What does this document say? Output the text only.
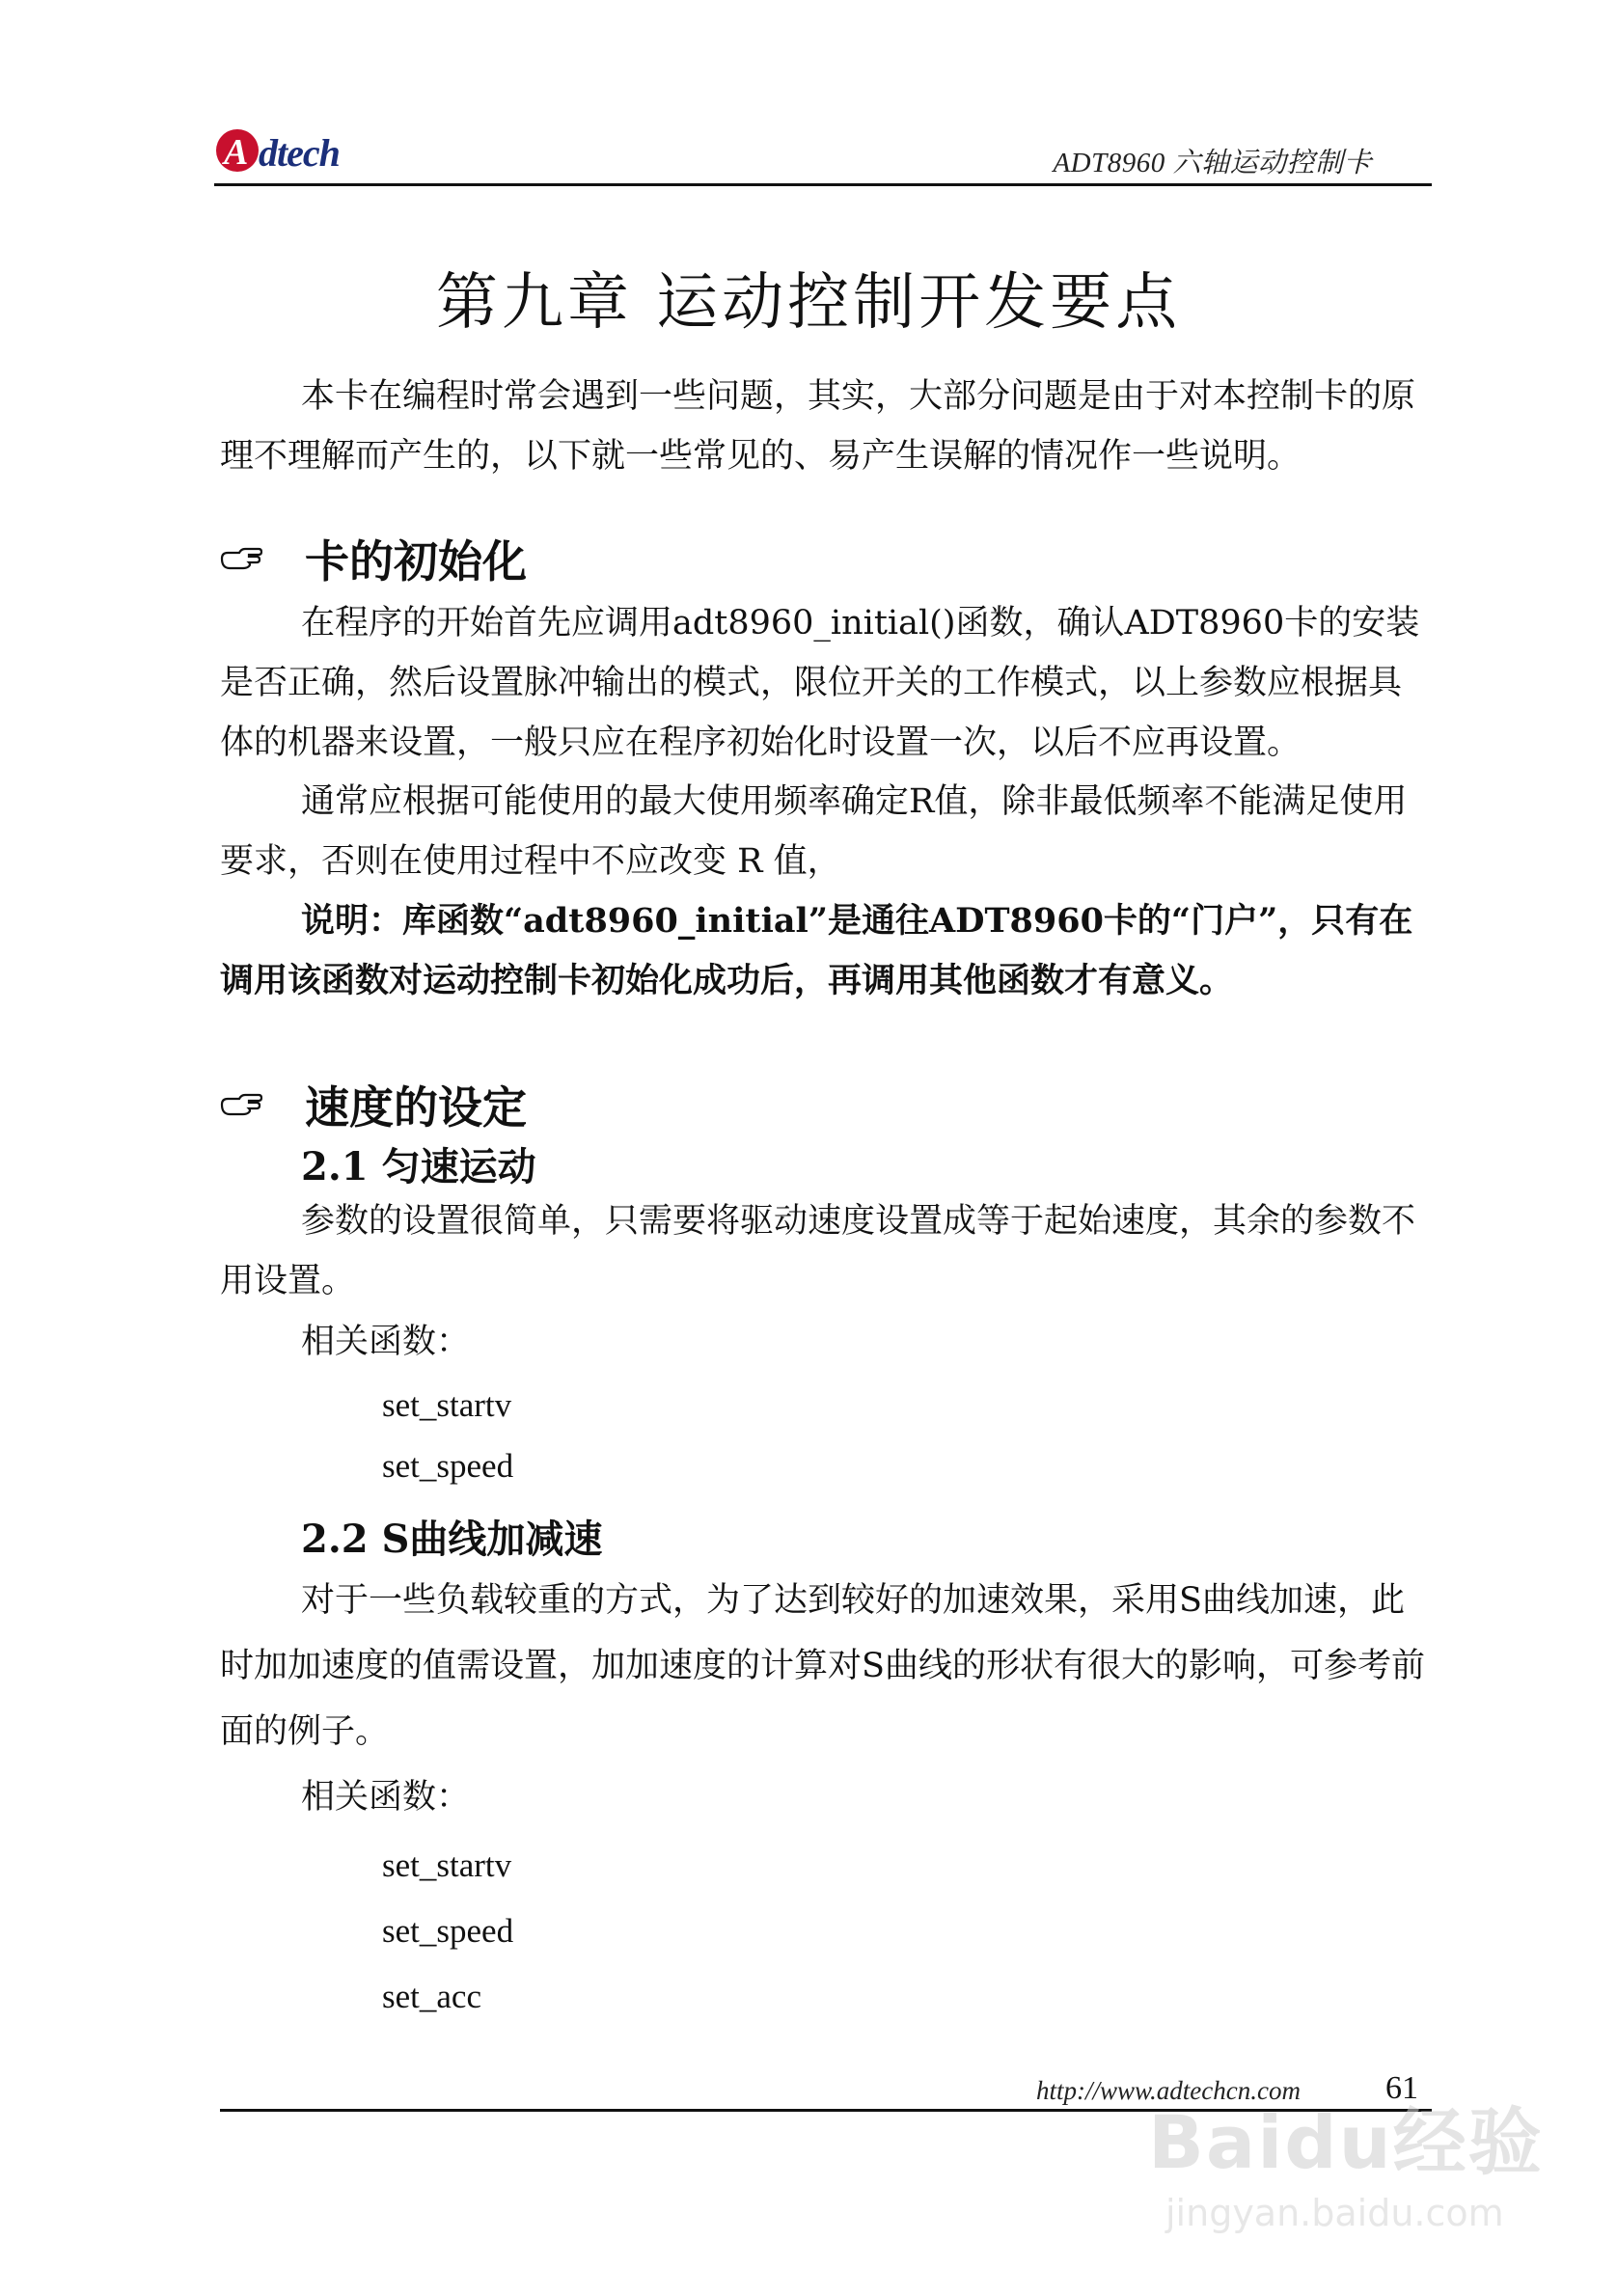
A dtech	ADT8960 六轴运动控制卡
第九章 运动控制开发要点

本卡在编程时常会遇到一些问题，其实，大部分问题是由于对本控制卡的原理不理解而产生的，以下就一些常见的、易产生误解的情况作一些说明。

卡的初始化

在程序的开始首先应调用adt8960_initial()函数，确认ADT8960卡的安装是否正确，然后设置脉冲输出的模式，限位开关的工作模式，以上参数应根据具体的机器来设置，一般只应在程序初始化时设置一次，以后不应再设置。

通常应根据可能使用的最大使用频率确定R值，除非最低频率不能满足使用要求，否则在使用过程中不应改变 R 值，

说明：库函数“adt8960_initial”是通往ADT8960卡的“门户”，只有在调用该函数对运动控制卡初始化成功后，再调用其他函数才有意义。

速度的设定
2.1 匀速运动

参数的设置很简单，只需要将驱动速度设置成等于起始速度，其余的参数不用设置。

相关函数：

set_startv

set_speed

2.2 S曲线加减速

对于一些负载较重的方式，为了达到较好的加速效果，采用S曲线加速，此时加加速度的值需设置，加加速度的计算对S曲线的形状有很大的影响，可参考前面的例子。

相关函数：

set_startv

set_speed

set_acc

http://www.adtechcn.com	61
Baidu经验
jingyan.baidu.com
